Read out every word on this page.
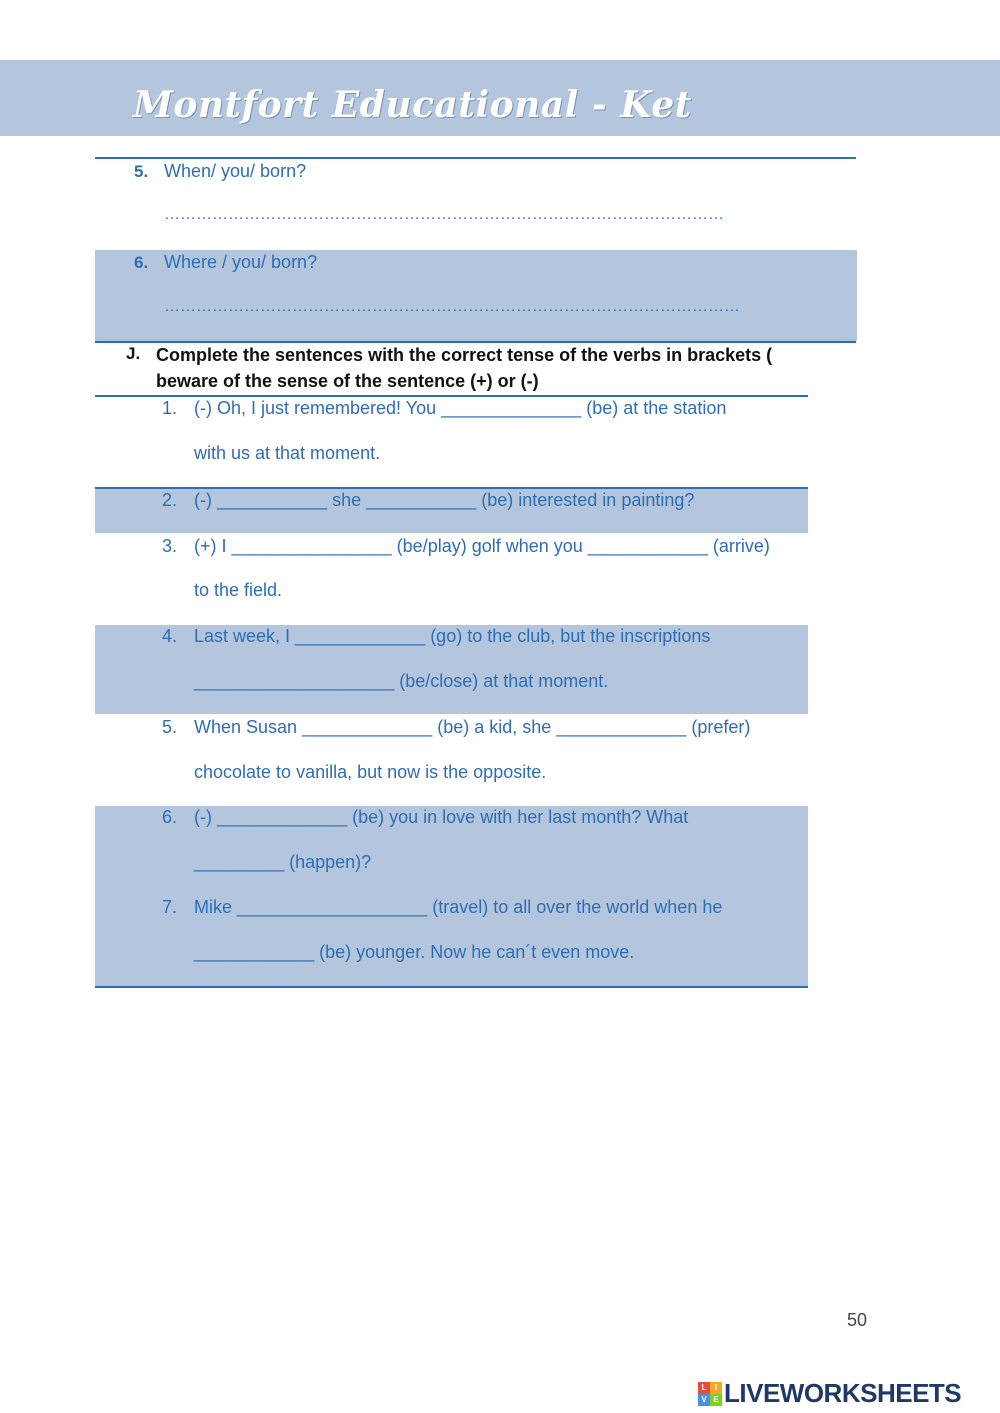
Montfort Educational - Ket
5. When/ you/ born?
……………………………………………………………………………………………
6. Where / you/ born?
………………………………………………………………………………………………
J. Complete the sentences with the correct tense of the verbs in brackets (
beware of the sense of the sentence (+) or (-)
1. (-) Oh, I just remembered! You ______________ (be) at the station
with us at that moment.
2. (-) ___________ she ___________ (be) interested in painting?
3. (+) I ________________ (be/play) golf when you ____________ (arrive)
to the field.
4. Last week, I _____________ (go) to the club, but the inscriptions
____________________ (be/close) at that moment.
5. When Susan _____________ (be) a kid, she _____________ (prefer)
chocolate to vanilla, but now is the opposite.
6. (-) _____________ (be) you in love with her last month? What
_________ (happen)?
7. Mike ___________________ (travel) to all over the world when he
____________ (be) younger. Now he can´t even move.
50
L	I
V E LIVEWORKSHEETS
